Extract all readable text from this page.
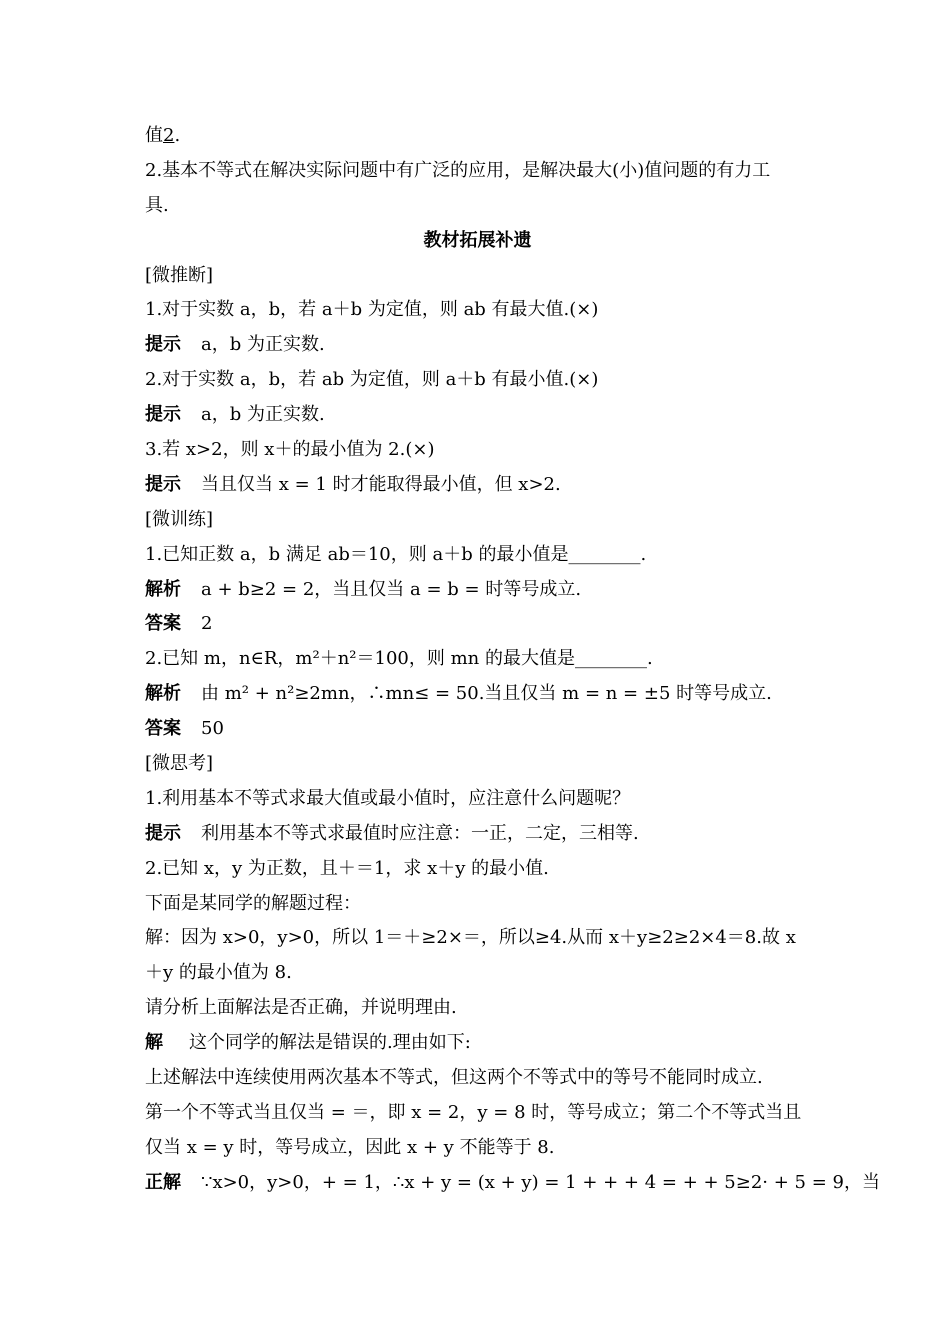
值2.
2.基本不等式在解决实际问题中有广泛的应用，是解决最大(小)值问题的有力工
具.
教材拓展补遗
[微推断]
1.对于实数 a，b，若 a＋b 为定值，则 ab 有最大值.(×)
提示 a，b 为正实数.
2.对于实数 a，b，若 ab 为定值，则 a＋b 有最小值.(×)
提示 a，b 为正实数.
3.若 x>2，则 x＋的最小值为 2.(×)
提示 当且仅当 x = 1 时才能取得最小值，但 x>2.
[微训练]
1.已知正数 a，b 满足 ab＝10，则 a＋b 的最小值是________.
解析 a + b≥2 = 2，当且仅当 a = b = 时等号成立.
答案 2
2.已知 m，n∈R，m²＋n²＝100，则 mn 的最大值是________.
解析 由 m² + n²≥2mn，∴mn≤ = 50.当且仅当 m = n = ±5 时等号成立.
答案 50
[微思考]
1.利用基本不等式求最大值或最小值时，应注意什么问题呢？
提示 利用基本不等式求最值时应注意：一正，二定，三相等.
2.已知 x，y 为正数，且＋＝1，求 x＋y 的最小值.
下面是某同学的解题过程：
解：因为 x>0，y>0，所以 1＝＋≥2×＝，所以≥4.从而 x＋y≥2≥2×4＝8.故 x
＋y 的最小值为 8.
请分析上面解法是否正确，并说明理由.
解 这个同学的解法是错误的.理由如下:
上述解法中连续使用两次基本不等式，但这两个不等式中的等号不能同时成立.
第一个不等式当且仅当 = ＝，即 x = 2，y = 8 时，等号成立；第二个不等式当且
仅当 x = y 时，等号成立，因此 x + y 不能等于 8.
正解 ∵x>0，y>0，+ = 1，∴x + y = (x + y) = 1 + + + 4 = + + 5≥2· + 5 = 9，当
